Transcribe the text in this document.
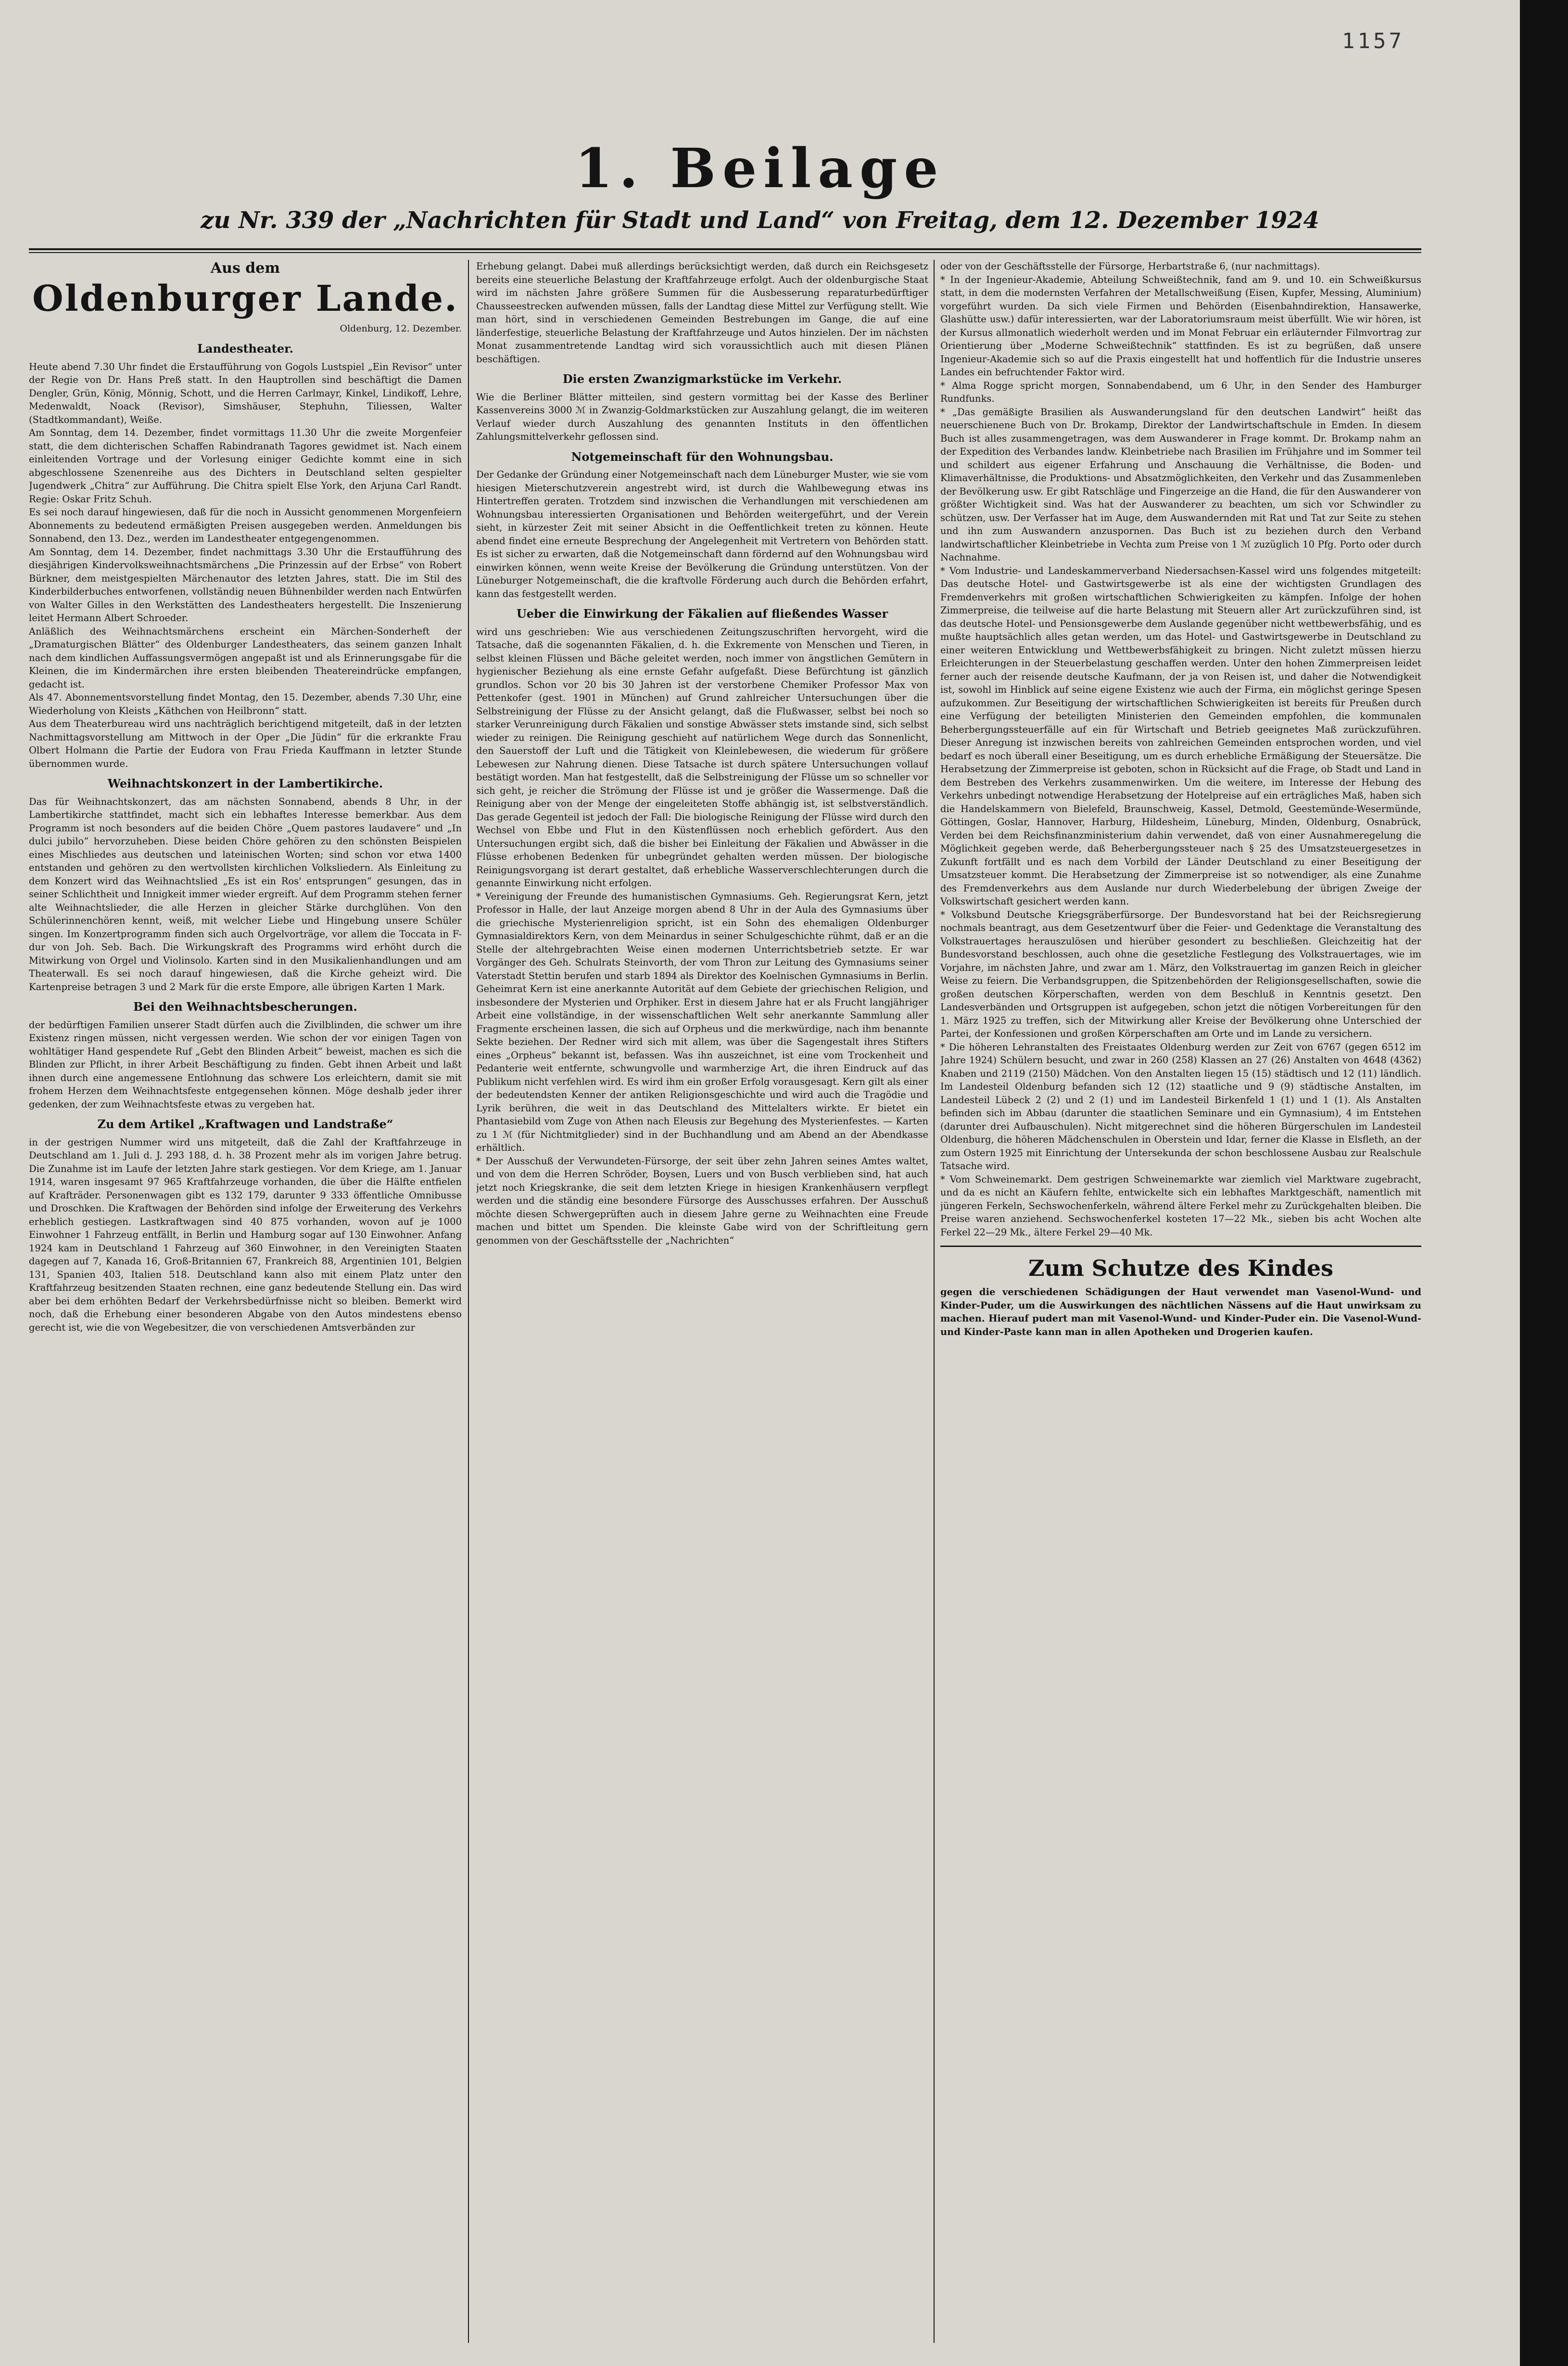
1157
1. Beilage
zu Nr. 339 der „Nachrichten für Stadt und Land“ von Freitag, dem 12. Dezember 1924
Aus dem
Oldenburger Lande.
Oldenburg, 12. Dezember.
Landestheater.

Heute abend 7.30 Uhr findet die Erstaufführung von Gogols Lustspiel „Ein Revisor“ unter der Regie von Dr. Hans Preß statt. In den Hauptrollen sind beschäftigt die Damen Dengler, Grün, König, Mönnig, Schott, und die Herren Carlmayr, Kinkel, Lindikoff, Lehre, Medenwaldt, Noack (Revisor), Simshäuser, Stephuhn, Tiliessen, Walter (Stadtkommandant), Weiße.

Am Sonntag, dem 14. Dezember, findet vormittags 11.30 Uhr die zweite Morgenfeier statt, die dem dichterischen Schaffen Rabindranath Tagores gewidmet ist. Nach einem einleitenden Vortrage und der Vorlesung einiger Gedichte kommt eine in sich abgeschlossene Szenenreihe aus des Dichters in Deutschland selten gespielter Jugendwerk „Chitra“ zur Aufführung. Die Chitra spielt Else York, den Arjuna Carl Randt. Regie: Oskar Fritz Schuh.

Es sei noch darauf hingewiesen, daß für die noch in Aussicht genommenen Morgenfeiern Abonnements zu bedeutend ermäßigten Preisen ausgegeben werden. Anmeldungen bis Sonnabend, den 13. Dez., werden im Landestheater entgegengenommen.

Am Sonntag, dem 14. Dezember, findet nachmittags 3.30 Uhr die Erstaufführung des diesjährigen Kindervolksweihnachtsmärchens „Die Prinzessin auf der Erbse“ von Robert Bürkner, dem meistgespielten Märchenautor des letzten Jahres, statt. Die im Stil des Kinderbilderbuches entworfenen, vollständig neuen Bühnenbilder werden nach Entwürfen von Walter Gilles in den Werkstätten des Landestheaters hergestellt. Die Inszenierung leitet Hermann Albert Schroeder.

Anläßlich des Weihnachtsmärchens erscheint ein Märchen-Sonderheft der „Dramaturgischen Blätter“ des Oldenburger Landestheaters, das seinem ganzen Inhalt nach dem kindlichen Auffassungsvermögen angepaßt ist und als Erinnerungsgabe für die Kleinen, die im Kindermärchen ihre ersten bleibenden Theatereindrücke empfangen, gedacht ist.

Als 47. Abonnementsvorstellung findet Montag, den 15. Dezember, abends 7.30 Uhr, eine Wiederholung von Kleists „Käthchen von Heilbronn“ statt.

Aus dem Theaterbureau wird uns nachträglich berichtigend mitgeteilt, daß in der letzten Nachmittagsvorstellung am Mittwoch in der Oper „Die Jüdin“ für die erkrankte Frau Olbert Holmann die Partie der Eudora von Frau Frieda Kauffmann in letzter Stunde übernommen wurde.

Weihnachtskonzert in der Lambertikirche.

Das für Weihnachtskonzert, das am nächsten Sonnabend, abends 8 Uhr, in der Lambertikirche stattfindet, macht sich ein lebhaftes Interesse bemerkbar. Aus dem Programm ist noch besonders auf die beiden Chöre „Quem pastores laudavere“ und „In dulci jubilo“ hervorzuheben. Diese beiden Chöre gehören zu den schönsten Beispielen eines Mischliedes aus deutschen und lateinischen Worten; sind schon vor etwa 1400 entstanden und gehören zu den wertvollsten kirchlichen Volksliedern. Als Einleitung zu dem Konzert wird das Weihnachtslied „Es ist ein Ros' entsprungen“ gesungen, das in seiner Schlichtheit und Innigkeit immer wieder ergreift. Auf dem Programm stehen ferner alte Weihnachtslieder, die alle Herzen in gleicher Stärke durchglühen. Von den Schülerinnenchören kennt, weiß, mit welcher Liebe und Hingebung unsere Schüler singen. Im Konzertprogramm finden sich auch Orgelvorträge, vor allem die Toccata in F-dur von Joh. Seb. Bach. Die Wirkungskraft des Programms wird erhöht durch die Mitwirkung von Orgel und Violinsolo. Karten sind in den Musikalienhandlungen und am Theaterwall. Es sei noch darauf hingewiesen, daß die Kirche geheizt wird. Die Kartenpreise betragen 3 und 2 Mark für die erste Empore, alle übrigen Karten 1 Mark.

Bei den Weihnachtsbescherungen.

der bedürftigen Familien unserer Stadt dürfen auch die Zivilblinden, die schwer um ihre Existenz ringen müssen, nicht vergessen werden. Wie schon der vor einigen Tagen von wohltätiger Hand gespendete Ruf „Gebt den Blinden Arbeit“ beweist, machen es sich die Blinden zur Pflicht, in ihrer Arbeit Beschäftigung zu finden. Gebt ihnen Arbeit und laßt ihnen durch eine angemessene Entlohnung das schwere Los erleichtern, damit sie mit frohem Herzen dem Weihnachtsfeste entgegensehen können. Möge deshalb jeder ihrer gedenken, der zum Weihnachtsfeste etwas zu vergeben hat.

Zu dem Artikel „Kraftwagen und Landstraße“

in der gestrigen Nummer wird uns mitgeteilt, daß die Zahl der Kraftfahrzeuge in Deutschland am 1. Juli d. J. 293 188, d. h. 38 Prozent mehr als im vorigen Jahre betrug. Die Zunahme ist im Laufe der letzten Jahre stark gestiegen. Vor dem Kriege, am 1. Januar 1914, waren insgesamt 97 965 Kraftfahrzeuge vorhanden, die über die Hälfte entfielen auf Krafträder. Personenwagen gibt es 132 179, darunter 9 333 öffentliche Omnibusse und Droschken. Die Kraftwagen der Behörden sind infolge der Erweiterung des Verkehrs erheblich gestiegen. Lastkraftwagen sind 40 875 vorhanden, wovon auf je 1000 Einwohner 1 Fahrzeug entfällt, in Berlin und Hamburg sogar auf 130 Einwohner. Anfang 1924 kam in Deutschland 1 Fahrzeug auf 360 Einwohner, in den Vereinigten Staaten dagegen auf 7, Kanada 16, Groß-Britannien 67, Frankreich 88, Argentinien 101, Belgien 131, Spanien 403, Italien 518. Deutschland kann also mit einem Platz unter den Kraftfahrzeug besitzenden Staaten rechnen, eine ganz bedeutende Stellung ein. Das wird aber bei dem erhöhten Bedarf der Verkehrsbedürfnisse nicht so bleiben. Bemerkt wird noch, daß die Erhebung einer besonderen Abgabe von den Autos mindestens ebenso gerecht ist, wie die von Wegebesitzer, die von verschiedenen Amtsverbänden zur

Erhebung gelangt. Dabei muß allerdings berücksichtigt werden, daß durch ein Reichsgesetz bereits eine steuerliche Belastung der Kraftfahrzeuge erfolgt. Auch der oldenburgische Staat wird im nächsten Jahre größere Summen für die Ausbesserung reparaturbedürftiger Chausseestrecken aufwenden müssen, falls der Landtag diese Mittel zur Verfügung stellt. Wie man hört, sind in verschiedenen Gemeinden Bestrebungen im Gange, die auf eine länderfestige, steuerliche Belastung der Kraftfahrzeuge und Autos hinzielen. Der im nächsten Monat zusammentretende Landtag wird sich voraussichtlich auch mit diesen Plänen beschäftigen.

Die ersten Zwanzigmarkstücke im Verkehr.

Wie die Berliner Blätter mitteilen, sind gestern vormittag bei der Kasse des Berliner Kassenvereins 3000 ℳ in Zwanzig-Goldmarkstücken zur Auszahlung gelangt, die im weiteren Verlauf wieder durch Auszahlung des genannten Instituts in den öffentlichen Zahlungsmittelverkehr geflossen sind.

Notgemeinschaft für den Wohnungsbau.

Der Gedanke der Gründung einer Notgemeinschaft nach dem Lüneburger Muster, wie sie vom hiesigen Mieterschutzverein angestrebt wird, ist durch die Wahlbewegung etwas ins Hintertreffen geraten. Trotzdem sind inzwischen die Verhandlungen mit verschiedenen am Wohnungsbau interessierten Organisationen und Behörden weitergeführt, und der Verein sieht, in kürzester Zeit mit seiner Absicht in die Oeffentlichkeit treten zu können. Heute abend findet eine erneute Besprechung der Angelegenheit mit Vertretern von Behörden statt. Es ist sicher zu erwarten, daß die Notgemeinschaft dann fördernd auf den Wohnungsbau wird einwirken können, wenn weite Kreise der Bevölkerung die Gründung unterstützen. Von der Lüneburger Notgemeinschaft, die die kraftvolle Förderung auch durch die Behörden erfahrt, kann das festgestellt werden.

Ueber die Einwirkung der Fäkalien auf fließendes Wasser

wird uns geschrieben: Wie aus verschiedenen Zeitungszuschriften hervorgeht, wird die Tatsache, daß die sogenannten Fäkalien, d. h. die Exkremente von Menschen und Tieren, in selbst kleinen Flüssen und Bäche geleitet werden, noch immer von ängstlichen Gemütern in hygienischer Beziehung als eine ernste Gefahr aufgefaßt. Diese Befürchtung ist gänzlich grundlos. Schon vor 20 bis 30 Jahren ist der verstorbene Chemiker Professor Max von Pettenkofer (gest. 1901 in München) auf Grund zahlreicher Untersuchungen über die Selbstreinigung der Flüsse zu der Ansicht gelangt, daß die Flußwasser, selbst bei noch so starker Verunreinigung durch Fäkalien und sonstige Abwässer stets imstande sind, sich selbst wieder zu reinigen. Die Reinigung geschieht auf natürlichem Wege durch das Sonnenlicht, den Sauerstoff der Luft und die Tätigkeit von Kleinlebewesen, die wiederum für größere Lebewesen zur Nahrung dienen. Diese Tatsache ist durch spätere Untersuchungen vollauf bestätigt worden. Man hat festgestellt, daß die Selbstreinigung der Flüsse um so schneller vor sich geht, je reicher die Strömung der Flüsse ist und je größer die Wassermenge. Daß die Reinigung aber von der Menge der eingeleiteten Stoffe abhängig ist, ist selbstverständlich. Das gerade Gegenteil ist jedoch der Fall: Die biologische Reinigung der Flüsse wird durch den Wechsel von Ebbe und Flut in den Küstenflüssen noch erheblich gefördert. Aus den Untersuchungen ergibt sich, daß die bisher bei Einleitung der Fäkalien und Abwässer in die Flüsse erhobenen Bedenken für unbegründet gehalten werden müssen. Der biologische Reinigungsvorgang ist derart gestaltet, daß erhebliche Wasserverschlechterungen durch die genannte Einwirkung nicht erfolgen.

* Vereinigung der Freunde des humanistischen Gymnasiums. Geh. Regierungsrat Kern, jetzt Professor in Halle, der laut Anzeige morgen abend 8 Uhr in der Aula des Gymnasiums über die griechische Mysterienreligion spricht, ist ein Sohn des ehemaligen Oldenburger Gymnasialdirektors Kern, von dem Meinardus in seiner Schulgeschichte rühmt, daß er an die Stelle der altehrgebrachten Weise einen modernen Unterrichtsbetrieb setzte. Er war Vorgänger des Geh. Schulrats Steinvorth, der vom Thron zur Leitung des Gymnasiums seiner Vaterstadt Stettin berufen und starb 1894 als Direktor des Koelnischen Gymnasiums in Berlin. Geheimrat Kern ist eine anerkannte Autorität auf dem Gebiete der griechischen Religion, und insbesondere der Mysterien und Orphiker. Erst in diesem Jahre hat er als Frucht langjähriger Arbeit eine vollständige, in der wissenschaftlichen Welt sehr anerkannte Sammlung aller Fragmente erscheinen lassen, die sich auf Orpheus und die merkwürdige, nach ihm benannte Sekte beziehen. Der Redner wird sich mit allem, was über die Sagengestalt ihres Stifters eines „Orpheus“ bekannt ist, befassen. Was ihn auszeichnet, ist eine vom Trockenheit und Pedanterie weit entfernte, schwungvolle und warmherzige Art, die ihren Eindruck auf das Publikum nicht verfehlen wird. Es wird ihm ein großer Erfolg vorausgesagt. Kern gilt als einer der bedeutendsten Kenner der antiken Religionsgeschichte und wird auch die Tragödie und Lyrik berühren, die weit in das Deutschland des Mittelalters wirkte. Er bietet ein Phantasiebild vom Zuge von Athen nach Eleusis zur Begehung des Mysterienfestes. — Karten zu 1 ℳ (für Nichtmitglieder) sind in der Buchhandlung und am Abend an der Abendkasse erhältlich.

* Der Ausschuß der Verwundeten-Fürsorge, der seit über zehn Jahren seines Amtes waltet, und von dem die Herren Schröder, Boysen, Luers und von Busch verblieben sind, hat auch jetzt noch Kriegskranke, die seit dem letzten Kriege in hiesigen Krankenhäusern verpflegt werden und die ständig eine besondere Fürsorge des Ausschusses erfahren. Der Ausschuß möchte diesen Schwergeprüften auch in diesem Jahre gerne zu Weihnachten eine Freude machen und bittet um Spenden. Die kleinste Gabe wird von der Schriftleitung gern genommen von der Geschäftsstelle der „Nachrichten“

oder von der Geschäftsstelle der Fürsorge, Herbartstraße 6, (nur nachmittags).

* In der Ingenieur-Akademie, Abteilung Schweißtechnik, fand am 9. und 10. ein Schweißkursus statt, in dem die modernsten Verfahren der Metallschweißung (Eisen, Kupfer, Messing, Aluminium) vorgeführt wurden. Da sich viele Firmen und Behörden (Eisenbahndirektion, Hansawerke, Glashütte usw.) dafür interessierten, war der Laboratoriumsraum meist überfüllt. Wie wir hören, ist der Kursus allmonatlich wiederholt werden und im Monat Februar ein erläuternder Filmvortrag zur Orientierung über „Moderne Schweißtechnik“ stattfinden. Es ist zu begrüßen, daß unsere Ingenieur-Akademie sich so auf die Praxis eingestellt hat und hoffentlich für die Industrie unseres Landes ein befruchtender Faktor wird.

* Alma Rogge spricht morgen, Sonnabendabend, um 6 Uhr, in den Sender des Hamburger Rundfunks.

* „Das gemäßigte Brasilien als Auswanderungsland für den deutschen Landwirt“ heißt das neuerschienene Buch von Dr. Brokamp, Direktor der Landwirtschaftschule in Emden. In diesem Buch ist alles zusammengetragen, was dem Auswanderer in Frage kommt. Dr. Brokamp nahm an der Expedition des Verbandes landw. Kleinbetriebe nach Brasilien im Frühjahre und im Sommer teil und schildert aus eigener Erfahrung und Anschauung die Verhältnisse, die Boden- und Klimaverhältnisse, die Produktions- und Absatzmöglichkeiten, den Verkehr und das Zusammenleben der Bevölkerung usw. Er gibt Ratschläge und Fingerzeige an die Hand, die für den Auswanderer von größter Wichtigkeit sind. Was hat der Auswanderer zu beachten, um sich vor Schwindler zu schützen, usw. Der Verfasser hat im Auge, dem Auswandernden mit Rat und Tat zur Seite zu stehen und ihn zum Auswandern anzuspornen. Das Buch ist zu beziehen durch den Verband landwirtschaftlicher Kleinbetriebe in Vechta zum Preise von 1 ℳ zuzüglich 10 Pfg. Porto oder durch Nachnahme.

* Vom Industrie- und Landeskammerverband Niedersachsen-Kassel wird uns folgendes mitgeteilt: Das deutsche Hotel- und Gastwirtsgewerbe ist als eine der wichtigsten Grundlagen des Fremdenverkehrs mit großen wirtschaftlichen Schwierigkeiten zu kämpfen. Infolge der hohen Zimmerpreise, die teilweise auf die harte Belastung mit Steuern aller Art zurückzuführen sind, ist das deutsche Hotel- und Pensionsgewerbe dem Auslande gegenüber nicht wettbewerbsfähig, und es mußte hauptsächlich alles getan werden, um das Hotel- und Gastwirtsgewerbe in Deutschland zu einer weiteren Entwicklung und Wettbewerbsfähigkeit zu bringen. Nicht zuletzt müssen hierzu Erleichterungen in der Steuerbelastung geschaffen werden. Unter den hohen Zimmerpreisen leidet ferner auch der reisende deutsche Kaufmann, der ja von Reisen ist, und daher die Notwendigkeit ist, sowohl im Hinblick auf seine eigene Existenz wie auch der Firma, ein möglichst geringe Spesen aufzukommen. Zur Beseitigung der wirtschaftlichen Schwierigkeiten ist bereits für Preußen durch eine Verfügung der beteiligten Ministerien den Gemeinden empfohlen, die kommunalen Beherbergungssteuerfälle auf ein für Wirtschaft und Betrieb geeignetes Maß zurückzuführen. Dieser Anregung ist inzwischen bereits von zahlreichen Gemeinden entsprochen worden, und viel bedarf es noch überall einer Beseitigung, um es durch erhebliche Ermäßigung der Steuersätze. Die Herabsetzung der Zimmerpreise ist geboten, schon in Rücksicht auf die Frage, ob Stadt und Land in dem Bestreben des Verkehrs zusammenwirken. Um die weitere, im Interesse der Hebung des Verkehrs unbedingt notwendige Herabsetzung der Hotelpreise auf ein erträgliches Maß, haben sich die Handelskammern von Bielefeld, Braunschweig, Kassel, Detmold, Geestemünde-Wesermünde, Göttingen, Goslar, Hannover, Harburg, Hildesheim, Lüneburg, Minden, Oldenburg, Osnabrück, Verden bei dem Reichsfinanzministerium dahin verwendet, daß von einer Ausnahmeregelung die Möglichkeit gegeben werde, daß Beherbergungssteuer nach § 25 des Umsatzsteuergesetzes in Zukunft fortfällt und es nach dem Vorbild der Länder Deutschland zu einer Beseitigung der Umsatzsteuer kommt. Die Herabsetzung der Zimmerpreise ist so notwendiger, als eine Zunahme des Fremdenverkehrs aus dem Auslande nur durch Wiederbelebung der übrigen Zweige der Volkswirtschaft gesichert werden kann.

* Volksbund Deutsche Kriegsgräberfürsorge. Der Bundesvorstand hat bei der Reichsregierung nochmals beantragt, aus dem Gesetzentwurf über die Feier- und Gedenktage die Veranstaltung des Volkstrauertages herauszulösen und hierüber gesondert zu beschließen. Gleichzeitig hat der Bundesvorstand beschlossen, auch ohne die gesetzliche Festlegung des Volkstrauertages, wie im Vorjahre, im nächsten Jahre, und zwar am 1. März, den Volkstrauertag im ganzen Reich in gleicher Weise zu feiern. Die Verbandsgruppen, die Spitzenbehörden der Religionsgesellschaften, sowie die großen deutschen Körperschaften, werden von dem Beschluß in Kenntnis gesetzt. Den Landesverbänden und Ortsgruppen ist aufgegeben, schon jetzt die nötigen Vorbereitungen für den 1. März 1925 zu treffen, sich der Mitwirkung aller Kreise der Bevölkerung ohne Unterschied der Partei, der Konfessionen und großen Körperschaften am Orte und im Lande zu versichern.

* Die höheren Lehranstalten des Freistaates Oldenburg werden zur Zeit von 6767 (gegen 6512 im Jahre 1924) Schülern besucht, und zwar in 260 (258) Klassen an 27 (26) Anstalten von 4648 (4362) Knaben und 2119 (2150) Mädchen. Von den Anstalten liegen 15 (15) städtisch und 12 (11) ländlich. Im Landesteil Oldenburg befanden sich 12 (12) staatliche und 9 (9) städtische Anstalten, im Landesteil Lübeck 2 (2) und 2 (1) und im Landesteil Birkenfeld 1 (1) und 1 (1). Als Anstalten befinden sich im Abbau (darunter die staatlichen Seminare und ein Gymnasium), 4 im Entstehen (darunter drei Aufbauschulen). Nicht mitgerechnet sind die höheren Bürgerschulen im Landesteil Oldenburg, die höheren Mädchenschulen in Oberstein und Idar, ferner die Klasse in Elsfleth, an der zum Ostern 1925 mit Einrichtung der Untersekunda der schon beschlossene Ausbau zur Realschule Tatsache wird.

* Vom Schweinemarkt. Dem gestrigen Schweinemarkte war ziemlich viel Marktware zugebracht, und da es nicht an Käufern fehlte, entwickelte sich ein lebhaftes Marktgeschäft, namentlich mit jüngeren Ferkeln, Sechswochenferkeln, während ältere Ferkel mehr zu Zurückgehalten bleiben. Die Preise waren anziehend. Sechswochenferkel kosteten 17—22 Mk., sieben bis acht Wochen alte Ferkel 22—29 Mk., ältere Ferkel 29—40 Mk.

Zum Schutze des Kindes

gegen die verschiedenen Schädigungen der Haut verwendet man Vasenol-Wund- und Kinder-Puder, um die Auswirkungen des nächtlichen Nässens auf die Haut unwirksam zu machen. Hierauf pudert man mit Vasenol-Wund- und Kinder-Puder ein. Die Vasenol-Wund- und Kinder-Paste kann man in allen Apotheken und Drogerien kaufen.
